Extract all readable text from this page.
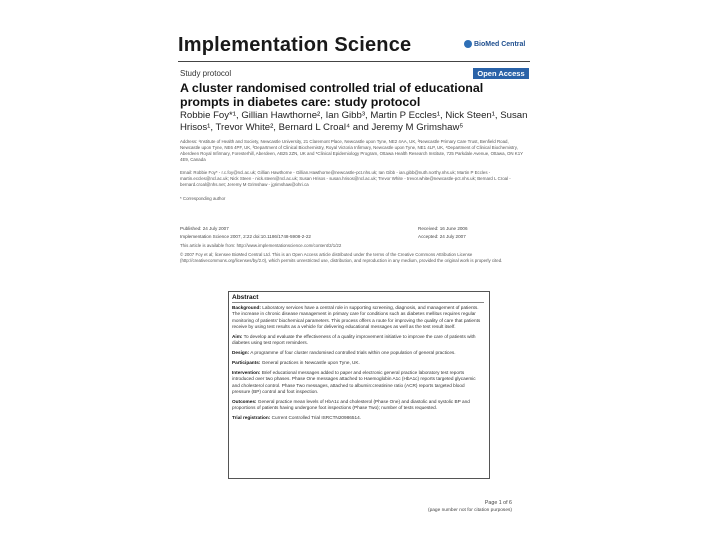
Implementation Science	BioMed Central
Study protocol	Open Access
A cluster randomised controlled trial of educational prompts in diabetes care: study protocol
Robbie Foy*¹, Gillian Hawthorne², Ian Gibb³, Martin P Eccles¹, Nick Steen¹, Susan Hrisos¹, Trevor White², Bernard L Croal⁴ and Jeremy M Grimshaw⁵
Address: ¹Institute of Health and Society, Newcastle University, 21 Claremont Place, Newcastle upon Tyne, NE2 4AA, UK, ²Newcastle Primary Care Trust, Benfield Road, Newcastle upon Tyne, NE6 4PF, UK, ³Department of Clinical Biochemistry, Royal Victoria Infirmary, Newcastle upon Tyne, NE1 4LP, UK, ⁴Department of Clinical Biochemistry, Aberdeen Royal Infirmary, Foresterhill, Aberdeen, AB25 2ZN, UK and ⁵Clinical Epidemiology Program, Ottawa Health Research Institute, 725 Parkdale Avenue, Ottawa, ON K1Y 4E9, Canada
Email: Robbie Foy* - r.c.foy@ncl.ac.uk; Gillian Hawthorne - Gillian.Hawthorne@newcastle-pct.nhs.uk; Ian Gibb - ian.gibb@nuth.northy.nhs.uk; Martin P Eccles - martin.eccles@ncl.ac.uk; Nick Steen - nick.steen@ncl.ac.uk; Susan Hrisos - susan.hrisos@ncl.ac.uk; Trevor White - trevor.white@newcastle-pct.nhs.uk; Bernard L Croal - bernard.croal@nhs.net; Jeremy M Grimshaw - jgrimshaw@ohri.ca
* Corresponding author
Published: 24 July 2007
Implementation Science 2007, 2:22 doi:10.1186/1748-5908-2-22
Received: 16 June 2006
Accepted: 24 July 2007
This article is available from: http://www.implementationscience.com/content/2/1/22
© 2007 Foy et al; licensee BioMed Central Ltd. This is an Open Access article distributed under the terms of the Creative Commons Attribution License (http://creativecommons.org/licenses/by/2.0), which permits unrestricted use, distribution, and reproduction in any medium, provided the original work is properly cited.
Abstract

Background: Laboratory services have a central role in supporting screening, diagnosis, and management of patients. The increase in chronic disease management in primary care for conditions such as diabetes mellitus requires regular monitoring of patients' biochemical parameters. This process offers a route for improving the quality of care that patients receive by using test results as a vehicle for delivering educational messages as well as the test result itself.

Aim: To develop and evaluate the effectiveness of a quality improvement initiative to improve the care of patients with diabetes using test report reminders.

Design: A programme of four cluster randomised controlled trials within one population of general practices.

Participants: General practices in Newcastle upon Tyne, UK.

Intervention: Brief educational messages added to paper and electronic general practice laboratory test reports introduced over two phases. Phase One messages attached to Haemoglobin A1c (HbA1c) reports targeted glycaemic and cholesterol control. Phase Two messages, attached to albumin:creatinine ratio (ACR) reports targeted blood pressure (BP) control and foot inspection.

Outcomes: General practice mean levels of HbA1c and cholesterol (Phase One) and diastolic and systolic BP and proportions of patients having undergone foot inspections (Phase Two); number of tests requested.

Trial registration: Current Controlled Trial ISRCTN20986514.

Page 1 of 6
(page number not for citation purposes)
